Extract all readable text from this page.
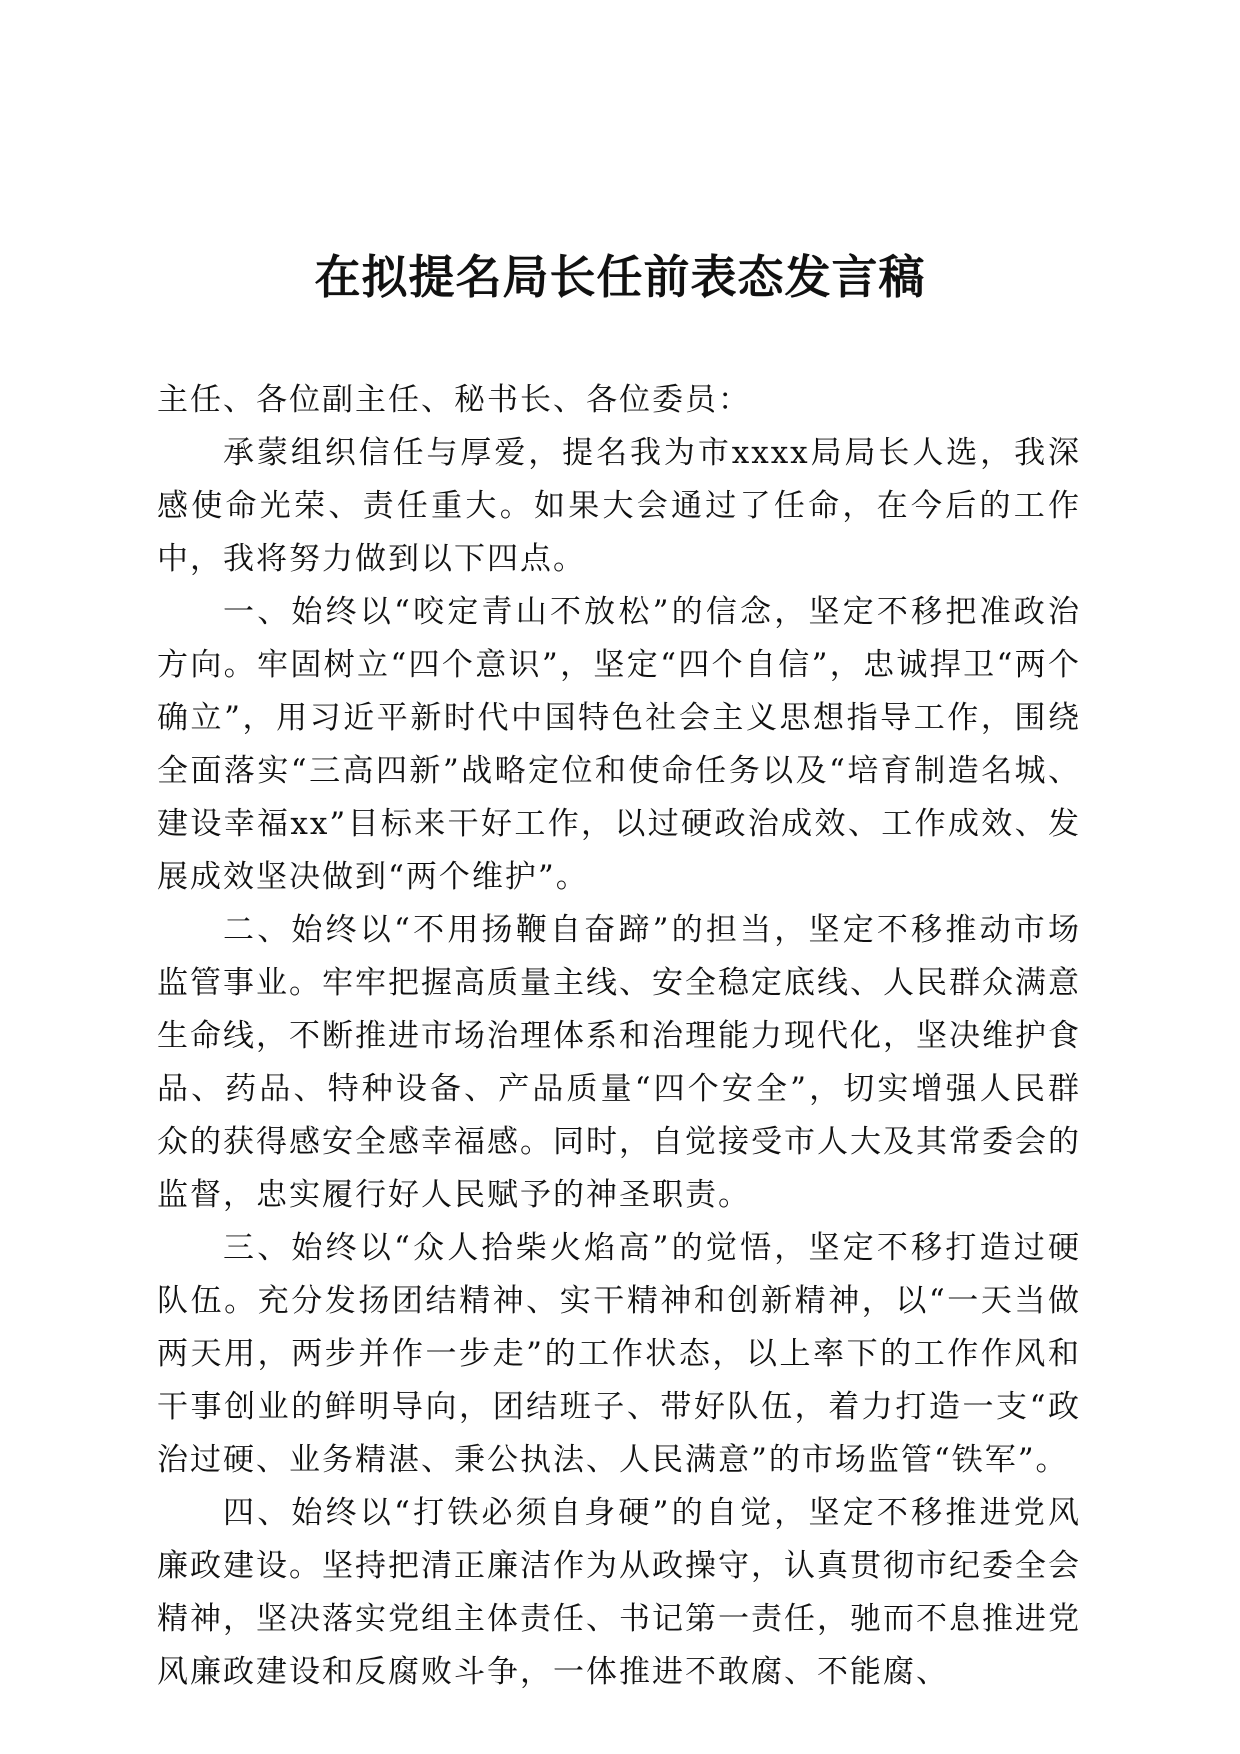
在拟提名局长任前表态发言稿

主任、各位副主任、秘书长、各位委员：

承蒙组织信任与厚爱，提名我为市xxxx局局长人选，我深感使命光荣、责任重大。如果大会通过了任命，在今后的工作中，我将努力做到以下四点。

一、始终以“咬定青山不放松”的信念，坚定不移把准政治方向。牢固树立“四个意识”，坚定“四个自信”，忠诚捍卫“两个确立”，用习近平新时代中国特色社会主义思想指导工作，围绕全面落实“三高四新”战略定位和使命任务以及“培育制造名城、建设幸福xx”目标来干好工作，以过硬政治成效、工作成效、发展成效坚决做到“两个维护”。

二、始终以“不用扬鞭自奋蹄”的担当，坚定不移推动市场监管事业。牢牢把握高质量主线、安全稳定底线、人民群众满意生命线，不断推进市场治理体系和治理能力现代化，坚决维护食品、药品、特种设备、产品质量“四个安全”，切实增强人民群众的获得感安全感幸福感。同时，自觉接受市人大及其常委会的监督，忠实履行好人民赋予的神圣职责。

三、始终以“众人拾柴火焰高”的觉悟，坚定不移打造过硬队伍。充分发扬团结精神、实干精神和创新精神，以“一天当做两天用，两步并作一步走”的工作状态，以上率下的工作作风和干事创业的鲜明导向，团结班子、带好队伍，着力打造一支“政治过硬、业务精湛、秉公执法、人民满意”的市场监管“铁军”。

四、始终以“打铁必须自身硬”的自觉，坚定不移推进党风廉政建设。坚持把清正廉洁作为从政操守，认真贯彻市纪委全会精神，坚决落实党组主体责任、书记第一责任，驰而不息推进党风廉政建设和反腐败斗争，一体推进不敢腐、不能腐、
